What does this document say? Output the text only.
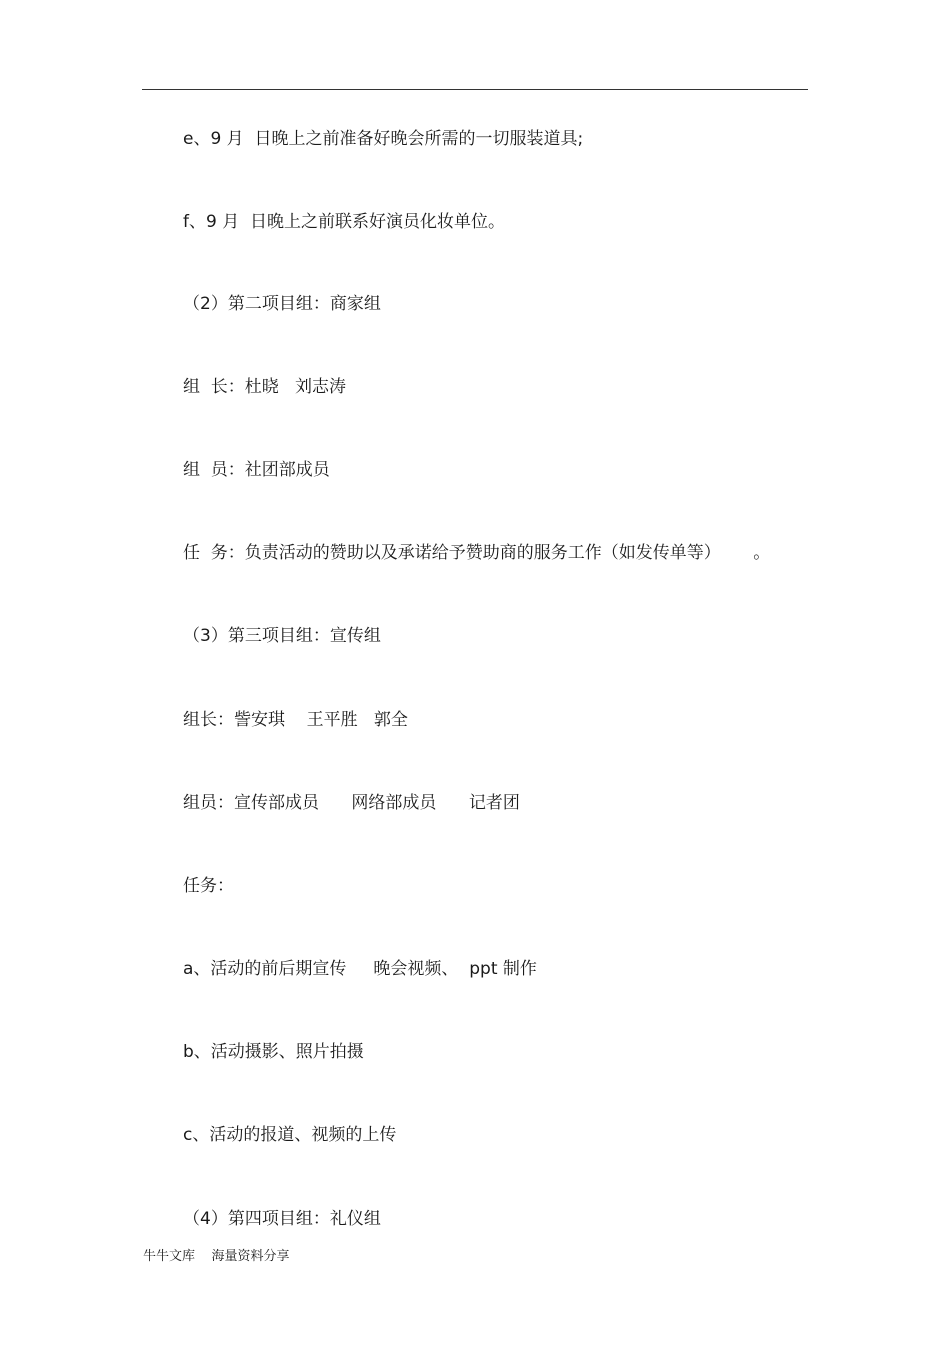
e、9 月  日晚上之前准备好晚会所需的一切服装道具;

f、9 月  日晚上之前联系好演员化妆单位。

（2）第二项目组：商家组

组  长：杜晓   刘志涛

组  员：社团部成员

任  务：负责活动的赞助以及承诺给予赞助商的服务工作（如发传单等）      。

（3）第三项目组：宣传组

组长：訾安琪    王平胜   郭全

组员：宣传部成员      网络部成员      记者团

任务：

a、活动的前后期宣传     晚会视频、  ppt 制作

b、活动摄影、照片拍摄

c、活动的报道、视频的上传

（4）第四项目组：礼仪组

牛牛文库    海量资料分享
